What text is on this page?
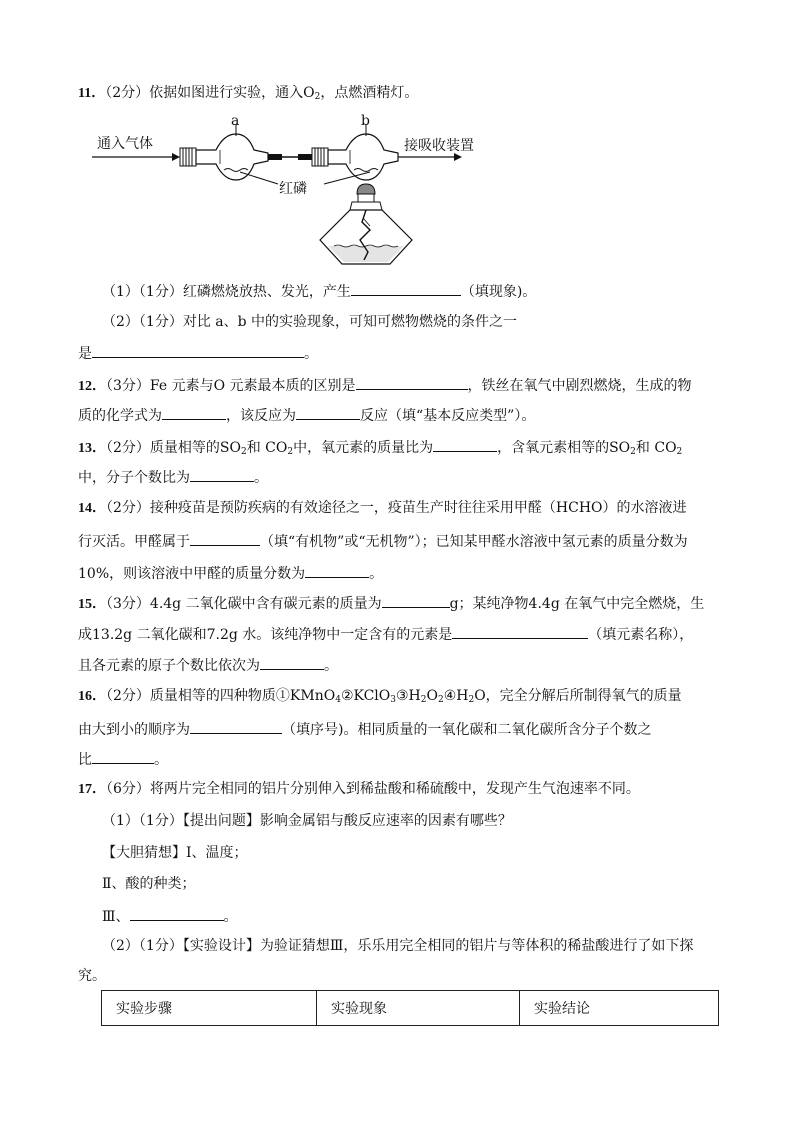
11．（2分）依据如图进行实验，通入$O_2$，点燃酒精灯。
a	b
通入气体	接吸收装置
红磷
（1）（1分）红磷燃烧放热、发光，产生	（填现象)。
（2）（1分）对比 a、b 中的实验现象，可知可燃物燃烧的条件之一
是	。
12．（3分）Fe 元素与O 元素最本质的区别是	，铁丝在氧气中剧烈燃烧，生成的物
质的化学式为	，该反应为	反应（填“基本反应类型”）。
13．（2分）质量相等的$SO_2$和 $CO_2$中，氧元素的质量比为	，含氧元素相等的$SO_2$和 $CO_2$
中，分子个数比为	。
14．（2分）接种疫苗是预防疾病的有效途径之一，疫苗生产时往往采用甲醛（HCHO）的水溶液进
行灭活。甲醛属于	（填“有机物”或“无机物”）；已知某甲醛水溶液中氢元素的质量分数为
10%，则该溶液中甲醛的质量分数为	。
15．（3分）4.4g 二氧化碳中含有碳元素的质量为	g；某纯净物4.4g 在氧气中完全燃烧，生
成13.2g 二氧化碳和7.2g 水。该纯净物中一定含有的元素是	（填元素名称），
且各元素的原子个数比依次为	。
16．（2分）质量相等的四种物质$①KMnO_4②KClO_3③H_2O_2④H_2O$，完全分解后所制得氧气的质量
由大到小的顺序为	（填序号)。相同质量的一氧化碳和二氧化碳所含分子个数之
比	。
17．（6分）将两片完全相同的铝片分别伸入到稀盐酸和稀硫酸中，发现产生气泡速率不同。
（1）（1分）【提出问题】影响金属铝与酸反应速率的因素有哪些？
【大胆猜想】Ⅰ、温度；
Ⅱ、酸的种类；
Ⅲ、	。
（2）（1分）【实验设计】为验证猜想Ⅲ，乐乐用完全相同的铝片与等体积的稀盐酸进行了如下探
究。
实验步骤	实验现象	实验结论
